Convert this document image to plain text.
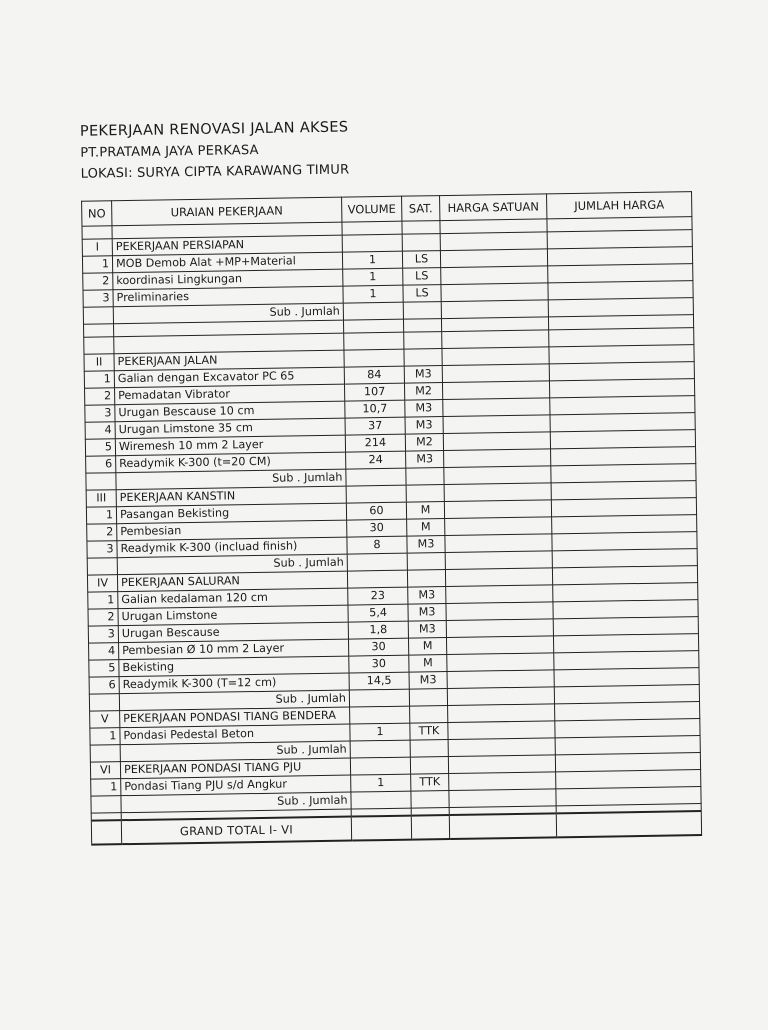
PEKERJAAN RENOVASI JALAN AKSES
PT.PRATAMA JAYA PERKASA
LOKASI: SURYA CIPTA KARAWANG TIMUR
NO	URAIAN PEKERJAAN	VOLUME	SAT.	HARGA SATUAN	JUMLAH HARGA

I	PEKERJAAN PERSIAPAN				
1	MOB Demob Alat +MP+Material	1	LS		
2	koordinasi Lingkungan	1	LS		
3	Preliminaries	1	LS		
	Sub . Jumlah				

II	PEKERJAAN JALAN				
1	Galian dengan Excavator PC 65	84	M3		
2	Pemadatan Vibrator	107	M2		
3	Urugan Bescause 10 cm	10,7	M3		
4	Urugan Limstone 35 cm	37	M3		
5	Wiremesh 10 mm 2 Layer	214	M2		
6	Readymik K-300 (t=20 CM)	24	M3		
	Sub . Jumlah				
III	PEKERJAAN KANSTIN				
1	Pasangan Bekisting	60	M		
2	Pembesian	30	M		
3	Readymik K-300 (incluad finish)	8	M3		
	Sub . Jumlah				
IV	PEKERJAAN SALURAN				
1	Galian kedalaman 120 cm	23	M3		
2	Urugan Limstone	5,4	M3		
3	Urugan Bescause	1,8	M3		
4	Pembesian Ø 10 mm 2 Layer	30	M		
5	Bekisting	30	M		
6	Readymik K-300 (T=12 cm)	14,5	M3		
	Sub . Jumlah				
V	PEKERJAAN PONDASI TIANG BENDERA				
1	Pondasi Pedestal Beton	1	TTK		
	Sub . Jumlah				
VI	PEKERJAAN PONDASI TIANG PJU				
1	Pondasi Tiang PJU s/d Angkur	1	TTK		
	Sub . Jumlah				

	GRAND TOTAL I- VI				
